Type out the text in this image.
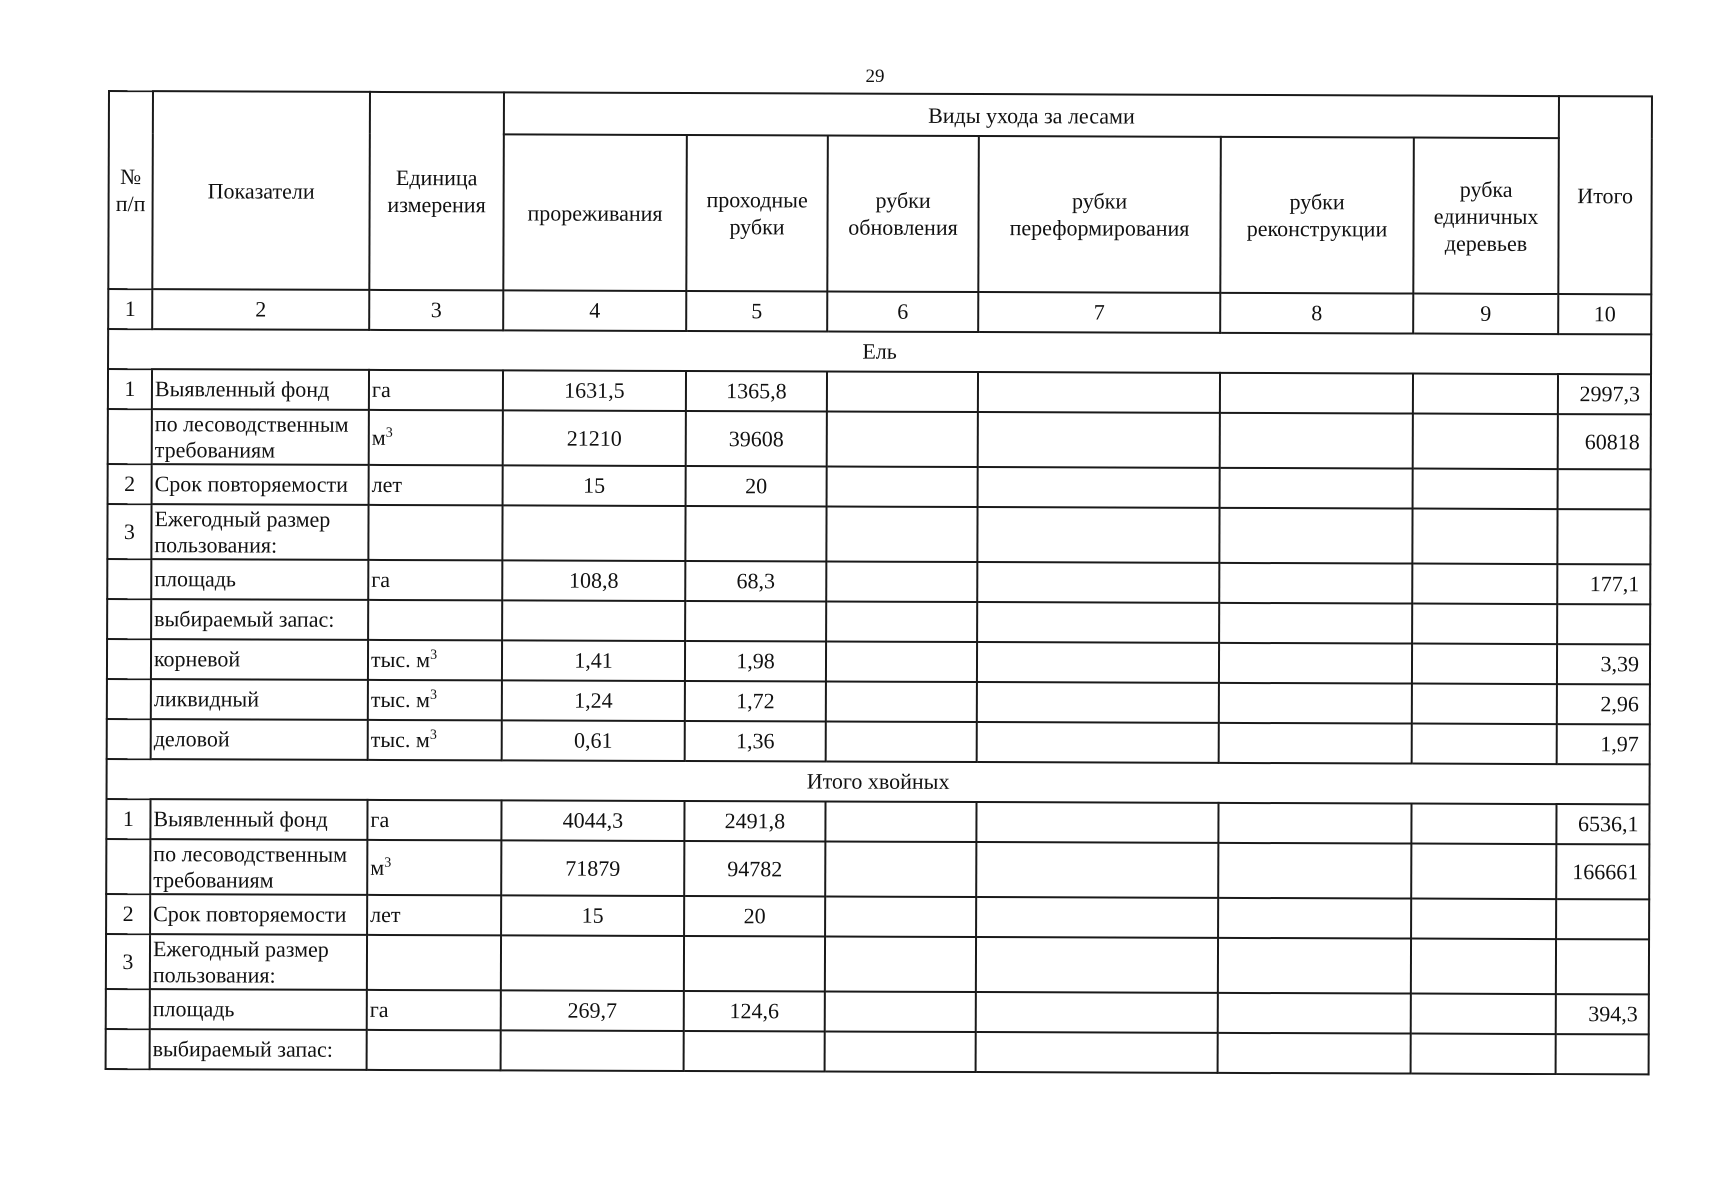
29
№ п/п	Показатели	Единица измерения	Виды ухода за лесами						Итого
			прореживания	проходные рубки	рубки обновления	рубки переформирования	рубки реконструкции	рубка единичных деревьев	
1	2	3	4	5	6	7	8	9	10
Ель									
1	Выявленный фонд	га	1631,5	1365,8					2997,3
	по лесоводственным требованиям	$м^3$	21210	39608					60818
2	Срок повторяемости	лет	15	20					
3	Ежегодный размер пользования:								
	площадь	га	108,8	68,3					177,1
	выбираемый запас:								
	корневой	тыс. $м^3$	1,41	1,98					3,39
	ликвидный	тыс. $м^3$	1,24	1,72					2,96
	деловой	тыс. $м^3$	0,61	1,36					1,97
Итого хвойных									
1	Выявленный фонд	га	4044,3	2491,8					6536,1
	по лесоводственным требованиям	$м^3$	71879	94782					166661
2	Срок повторяемости	лет	15	20					
3	Ежегодный размер пользования:								
	площадь	га	269,7	124,6					394,3
	выбираемый запас:								
